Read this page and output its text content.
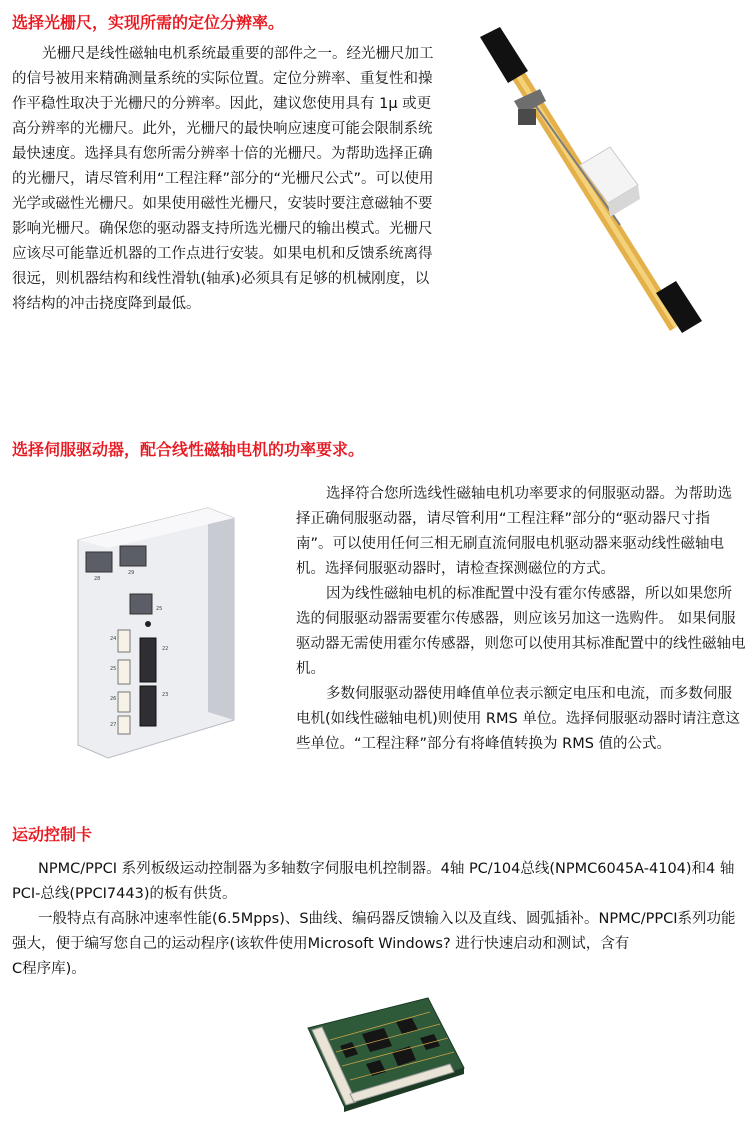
选择光栅尺，实现所需的定位分辨率。

光栅尺是线性磁轴电机系统最重要的部件之一。经光栅尺加工的信号被用来精确测量系统的实际位置。定位分辨率、重复性和操作平稳性取决于光栅尺的分辨率。因此，建议您使用具有 1μ 或更高分辨率的光栅尺。此外，光栅尺的最快响应速度可能会限制系统最快速度。选择具有您所需分辨率十倍的光栅尺。为帮助选择正确的光栅尺，请尽管利用“工程注释”部分的“光栅尺公式”。可以使用光学或磁性光栅尺。如果使用磁性光栅尺，安装时要注意磁轴不要影响光栅尺。确保您的驱动器支持所选光栅尺的输出模式。光栅尺应该尽可能靠近机器的工作点进行安装。如果电机和反馈系统离得很远，则机器结构和线性滑轨(轴承)必须具有足够的机械刚度，以将结构的冲击挠度降到最低。

选择伺服驱动器，配合线性磁轴电机的功率要求。
28
29
25
24
25
26
27
22
23

选择符合您所选线性磁轴电机功率要求的伺服驱动器。为帮助选择正确伺服驱动器，请尽管利用“工程注释”部分的“驱动器尺寸指南”。可以使用任何三相无刷直流伺服电机驱动器来驱动线性磁轴电机。选择伺服驱动器时，请检查探测磁位的方式。

因为线性磁轴电机的标准配置中没有霍尔传感器，所以如果您所选的伺服驱动器需要霍尔传感器，则应该另加这一选购件。 如果伺服驱动器无需使用霍尔传感器，则您可以使用其标准配置中的线性磁轴电机。

多数伺服驱动器使用峰值单位表示额定电压和电流，而多数伺服电机(如线性磁轴电机)则使用 RMS 单位。选择伺服驱动器时请注意这些单位。“工程注释”部分有将峰值转换为 RMS 值的公式。

运动控制卡

NPMC/PPCI 系列板级运动控制器为多轴数字伺服电机控制器。4轴 PC/104总线(NPMC6045A-4104)和4 轴 PCI-总线(PPCI7443)的板有供货。

一般特点有高脉冲速率性能(6.5Mpps)、S曲线、编码器反馈输入以及直线、圆弧插补。NPMC/PPCI系列功能强大，便于编写您自己的运动程序(该软件使用Microsoft Windows? 进行快速启动和测试，含有

C程序库)。
